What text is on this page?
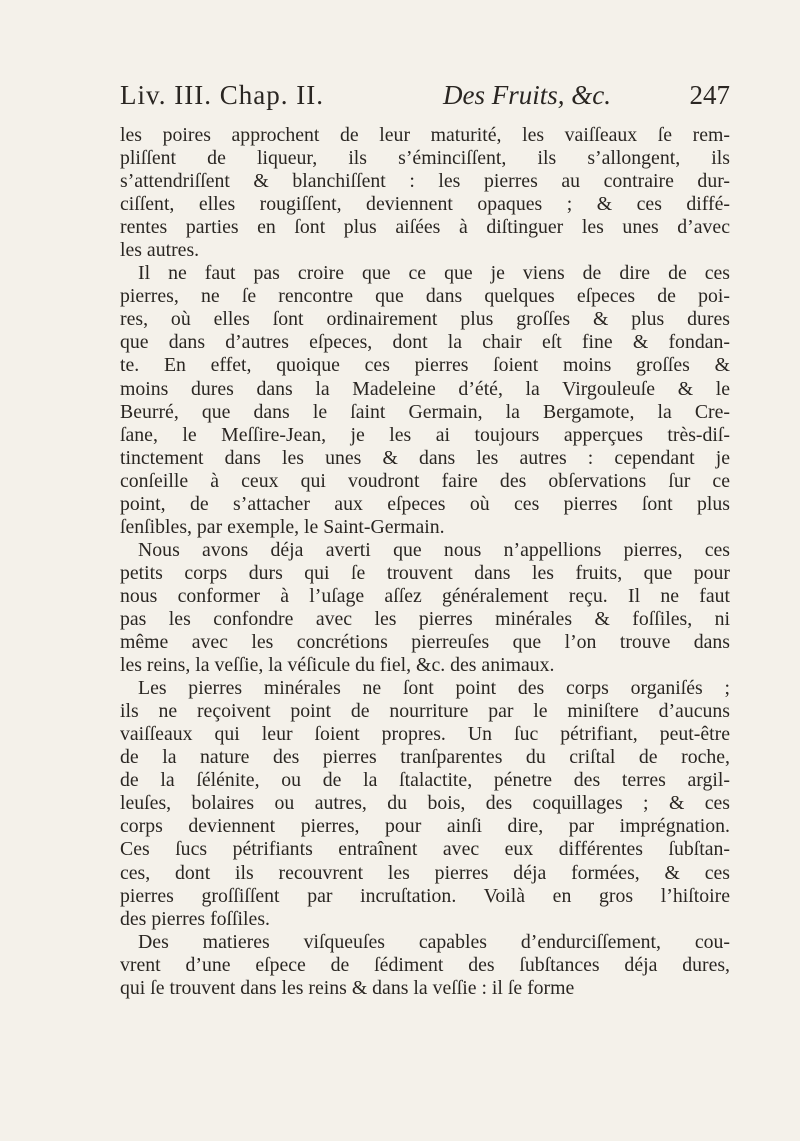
Liv. III. Chap. II.	Des Fruits, &c.	247

les poires approchent de leur maturité, les vaiſſeaux ſe rem-
pliſſent de liqueur, ils s’éminciſſent, ils s’allongent, ils
s’attendriſſent & blanchiſſent : les pierres au contraire dur-
ciſſent, elles rougiſſent, deviennent opaques ; & ces diffé-
rentes parties en ſont plus aiſées à diſtinguer les unes d’avec
les autres.

Il ne faut pas croire que ce que je viens de dire de ces
pierres, ne ſe rencontre que dans quelques eſpeces de poi-
res, où elles ſont ordinairement plus groſſes & plus dures
que dans d’autres eſpeces, dont la chair eſt fine & fondan-
te. En effet, quoique ces pierres ſoient moins groſſes &
moins dures dans la Madeleine d’été, la Virgouleuſe & le
Beurré, que dans le ſaint Germain, la Bergamote, la Cre-
ſane, le Meſſire-Jean, je les ai toujours apperçues très-diſ-
tinctement dans les unes & dans les autres : cependant je
conſeille à ceux qui voudront faire des obſervations ſur ce
point, de s’attacher aux eſpeces où ces pierres ſont plus
ſenſibles, par exemple, le Saint-Germain.

Nous avons déja averti que nous n’appellions pierres, ces
petits corps durs qui ſe trouvent dans les fruits, que pour
nous conformer à l’uſage aſſez généralement reçu. Il ne faut
pas les confondre avec les pierres minérales & foſſiles, ni
même avec les concrétions pierreuſes que l’on trouve dans
les reins, la veſſie, la véſicule du fiel, &c. des animaux.

Les pierres minérales ne ſont point des corps organiſés ;
ils ne reçoivent point de nourriture par le miniſtere d’aucuns
vaiſſeaux qui leur ſoient propres. Un ſuc pétrifiant, peut-être
de la nature des pierres tranſparentes du criſtal de roche,
de la ſélénite, ou de la ſtalactite, pénetre des terres argil-
leuſes, bolaires ou autres, du bois, des coquillages ; & ces
corps deviennent pierres, pour ainſi dire, par imprégnation.
Ces ſucs pétrifiants entraînent avec eux différentes ſubſtan-
ces, dont ils recouvrent les pierres déja formées, & ces
pierres groſſiſſent par incruſtation. Voilà en gros l’hiſtoire
des pierres foſſiles.

Des matieres viſqueuſes capables d’endurciſſement, cou-
vrent d’une eſpece de ſédiment des ſubſtances déja dures,
qui ſe trouvent dans les reins & dans la veſſie : il ſe forme
